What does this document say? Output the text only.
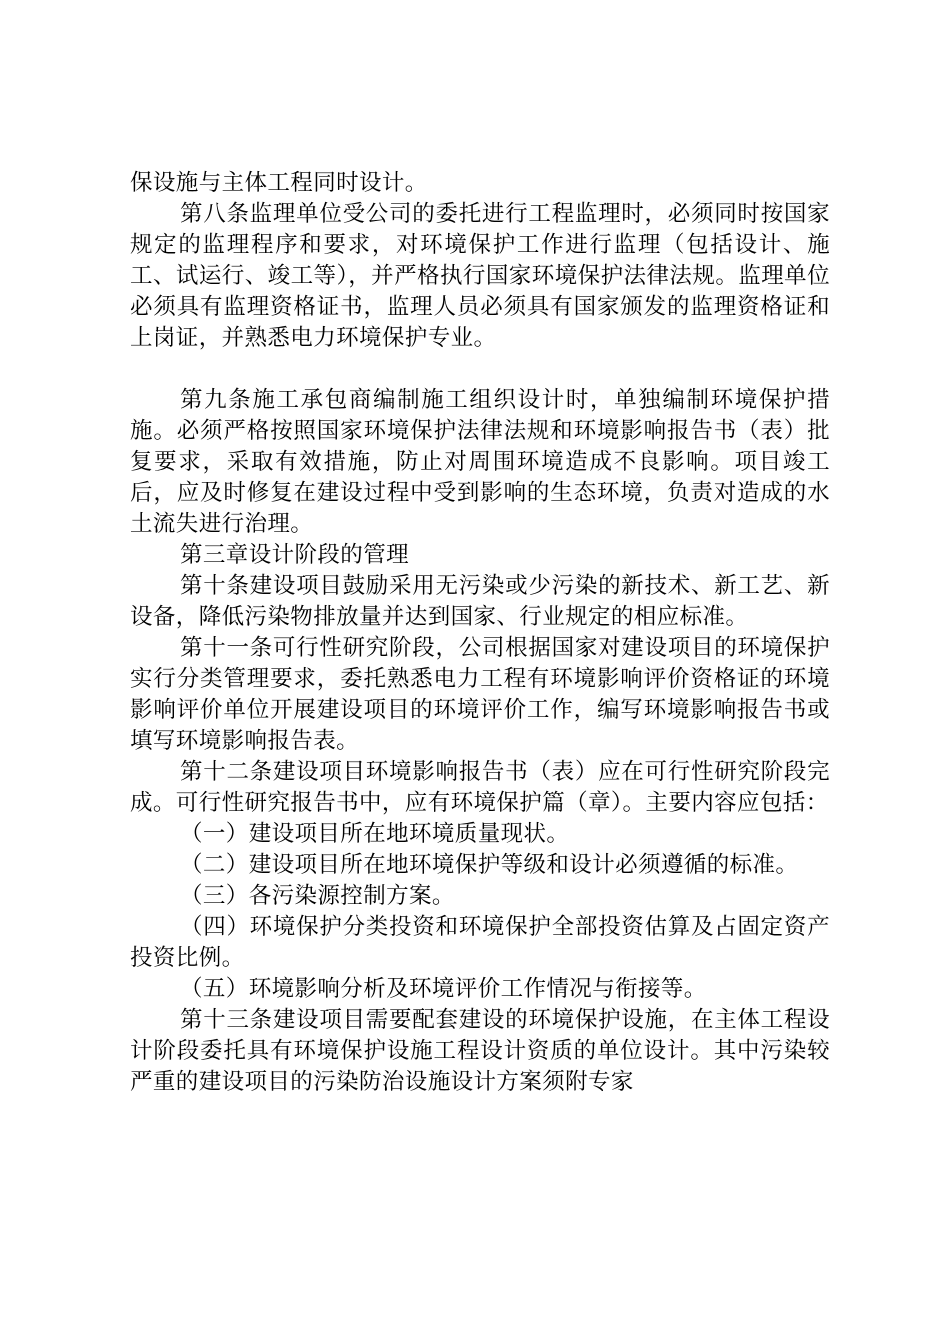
保设施与主体工程同时设计。

第八条监理单位受公司的委托进行工程监理时，必须同时按国家规定的监理程序和要求，对环境保护工作进行监理（包括设计、施工、试运行、竣工等），并严格执行国家环境保护法律法规。监理单位必须具有监理资格证书，监理人员必须具有国家颁发的监理资格证和上岗证，并熟悉电力环境保护专业。

第九条施工承包商编制施工组织设计时，单独编制环境保护措施。必须严格按照国家环境保护法律法规和环境影响报告书（表）批复要求，采取有效措施，防止对周围环境造成不良影响。项目竣工后，应及时修复在建设过程中受到影响的生态环境，负责对造成的水土流失进行治理。

第三章设计阶段的管理

第十条建设项目鼓励采用无污染或少污染的新技术、新工艺、新设备，降低污染物排放量并达到国家、行业规定的相应标准。

第十一条可行性研究阶段，公司根据国家对建设项目的环境保护实行分类管理要求，委托熟悉电力工程有环境影响评价资格证的环境影响评价单位开展建设项目的环境评价工作，编写环境影响报告书或填写环境影响报告表。

第十二条建设项目环境影响报告书（表）应在可行性研究阶段完成。可行性研究报告书中，应有环境保护篇（章）。主要内容应包括：

（一）建设项目所在地环境质量现状。

（二）建设项目所在地环境保护等级和设计必须遵循的标准。

（三）各污染源控制方案。

（四）环境保护分类投资和环境保护全部投资估算及占固定资产投资比例。

（五）环境影响分析及环境评价工作情况与衔接等。

第十三条建设项目需要配套建设的环境保护设施，在主体工程设计阶段委托具有环境保护设施工程设计资质的单位设计。其中污染较严重的建设项目的污染防治设施设计方案须附专家
